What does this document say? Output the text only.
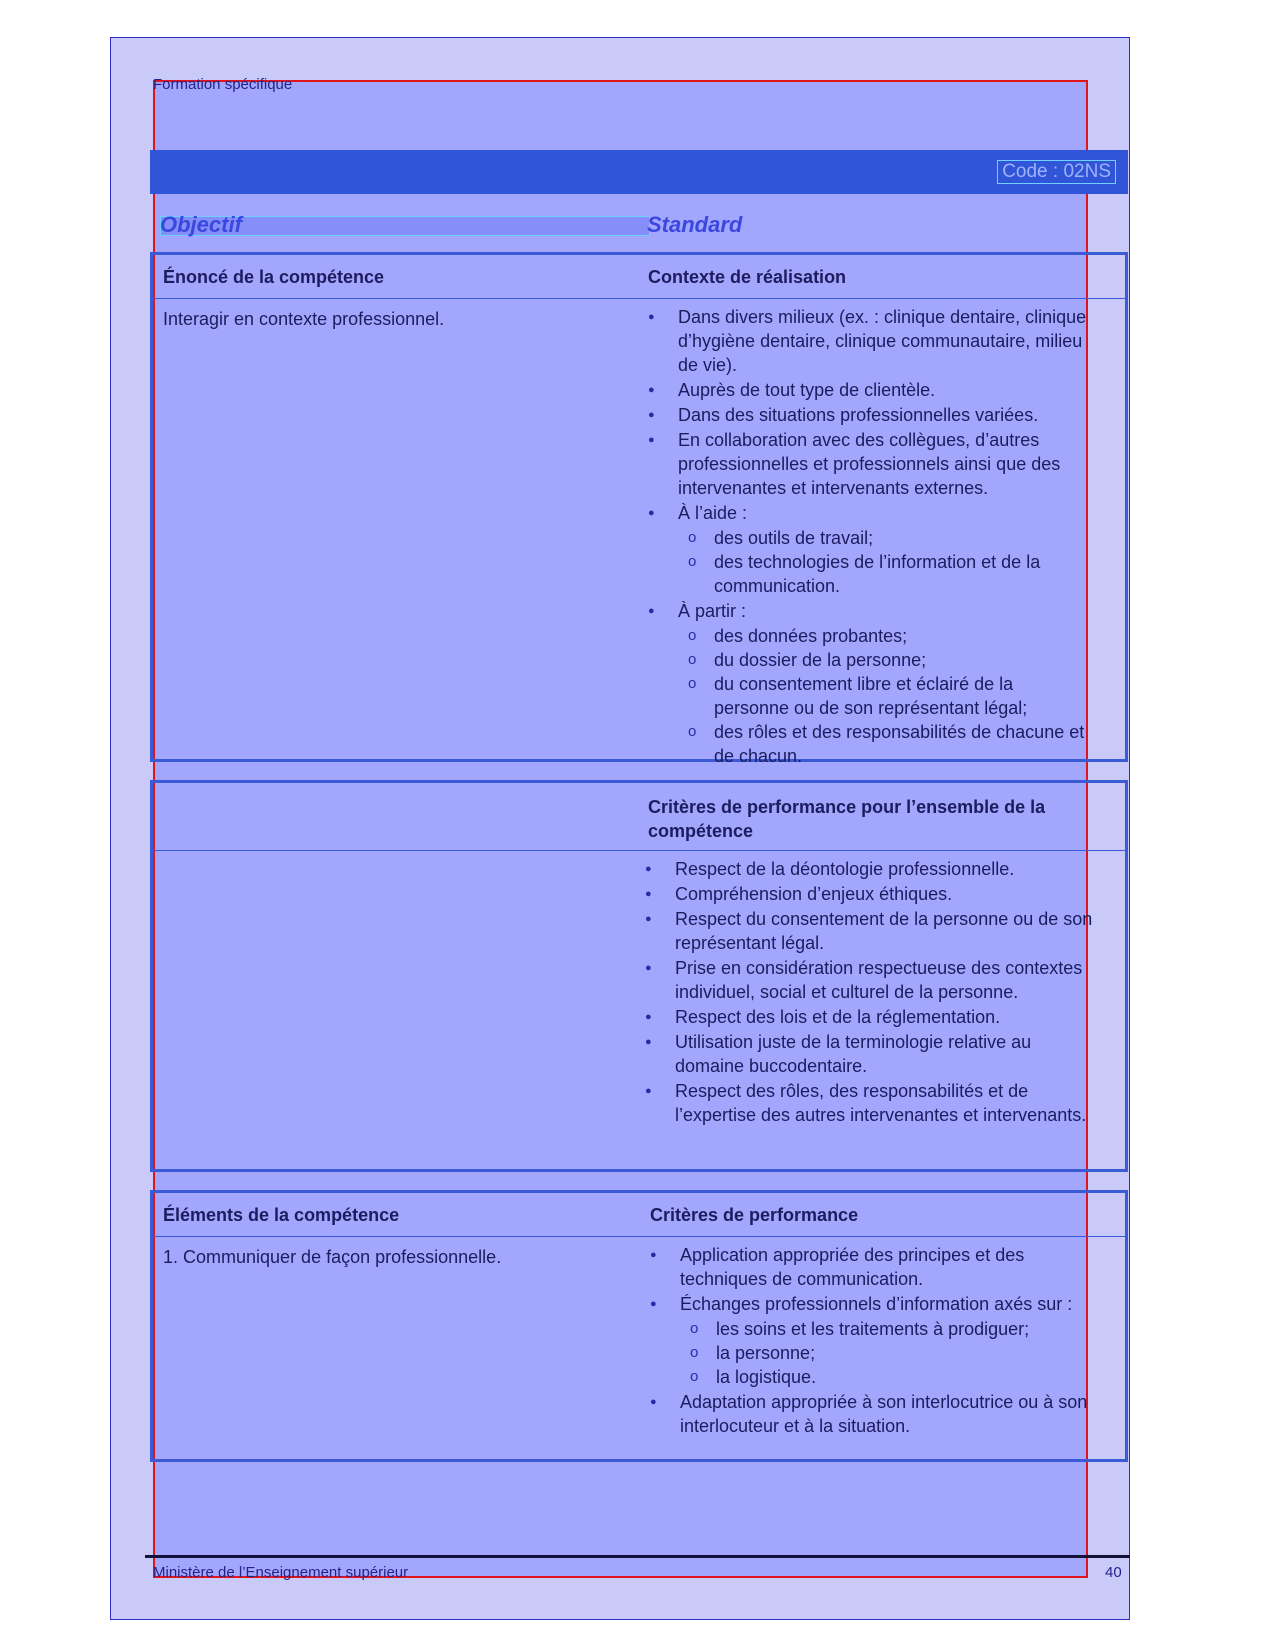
Formation spécifique
Code : 02NS
Objectif	Standard
Énoncé de la compétence	Contexte de réalisation
Interagir en contexte professionnel.	● Dans divers milieux (ex. : clinique dentaire, clinique d’hygiène dentaire, clinique communautaire, milieu de vie).
● Auprès de tout type de clientèle.
● Dans des situations professionnelles variées.
● En collaboration avec des collègues, d’autres professionnelles et professionnels ainsi que des intervenantes et intervenants externes.
● À l’aide :
o des outils de travail;
o des technologies de l’information et de la communication.
● À partir :
o des données probantes;
o du dossier de la personne;
o du consentement libre et éclairé de la personne ou de son représentant légal;
o des rôles et des responsabilités de chacune et de chacun.
Critères de performance pour l’ensemble de la compétence
● Respect de la déontologie professionnelle.
● Compréhension d’enjeux éthiques.
● Respect du consentement de la personne ou de son représentant légal.
● Prise en considération respectueuse des contextes individuel, social et culturel de la personne.
● Respect des lois et de la réglementation.
● Utilisation juste de la terminologie relative au domaine buccodentaire.
● Respect des rôles, des responsabilités et de l’expertise des autres intervenantes et intervenants.
Éléments de la compétence	Critères de performance
1. Communiquer de façon professionnelle.	● Application appropriée des principes et des techniques de communication.
● Échanges professionnels d’information axés sur :
o les soins et les traitements à prodiguer;
o la personne;
o la logistique.
● Adaptation appropriée à son interlocutrice ou à son interlocuteur et à la situation.
Ministère de l’Enseignement supérieur	40
